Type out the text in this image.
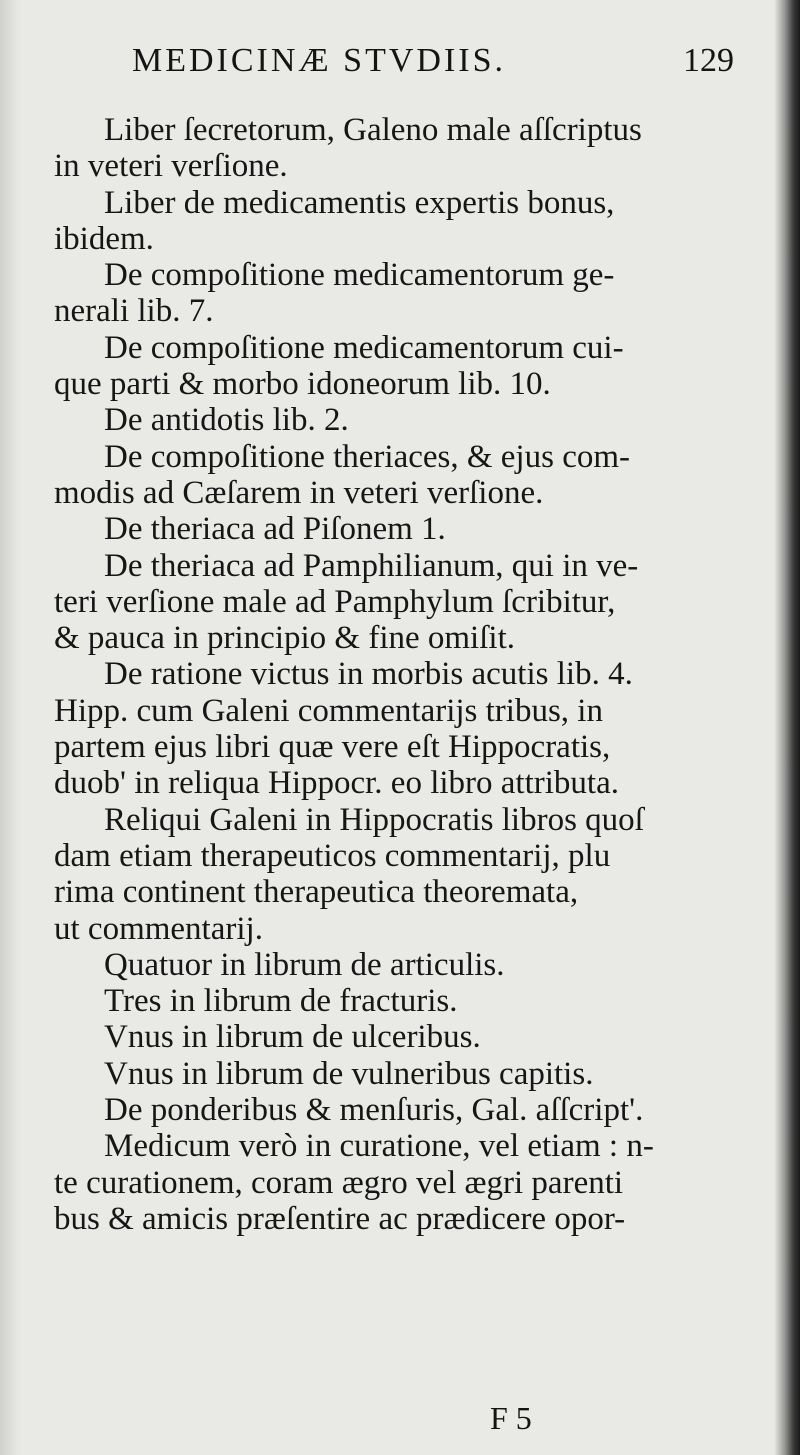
MEDICINÆ STVDIIS.	129
Liber ſecretorum, Galeno male aſſcriptus
in veteri verſione.
Liber de medicamentis expertis bonus,
ibidem.
De compoſitione medicamentorum ge-
nerali lib. 7.
De compoſitione medicamentorum cui-
que parti & morbo idoneorum lib. 10.
De antidotis lib. 2.
De compoſitione theriaces, & ejus com-
modis ad Cæſarem in veteri verſione.
De theriaca ad Piſonem 1.
De theriaca ad Pamphilianum, qui in ve-
teri verſione male ad Pamphylum ſcribitur,
& pauca in principio & fine omiſit.
De ratione victus in morbis acutis lib. 4.
Hipp. cum Galeni commentarijs tribus, in
partem ejus libri quæ vere eſt Hippocratis,
duob' in reliqua Hippocr. eo libro attributa.
Reliqui Galeni in Hippocratis libros quoſ
dam etiam therapeuticos commentarij, plu
rima continent therapeutica theoremata,
ut commentarij.
Quatuor in librum de articulis.
Tres in librum de fracturis.
Vnus in librum de ulceribus.
Vnus in librum de vulneribus capitis.
De ponderibus & menſuris, Gal. aſſcript'.
Medicum verò in curatione, vel etiam : n-
te curationem, coram ægro vel ægri parenti
bus & amicis præſentire ac prædicere opor-
F 5
